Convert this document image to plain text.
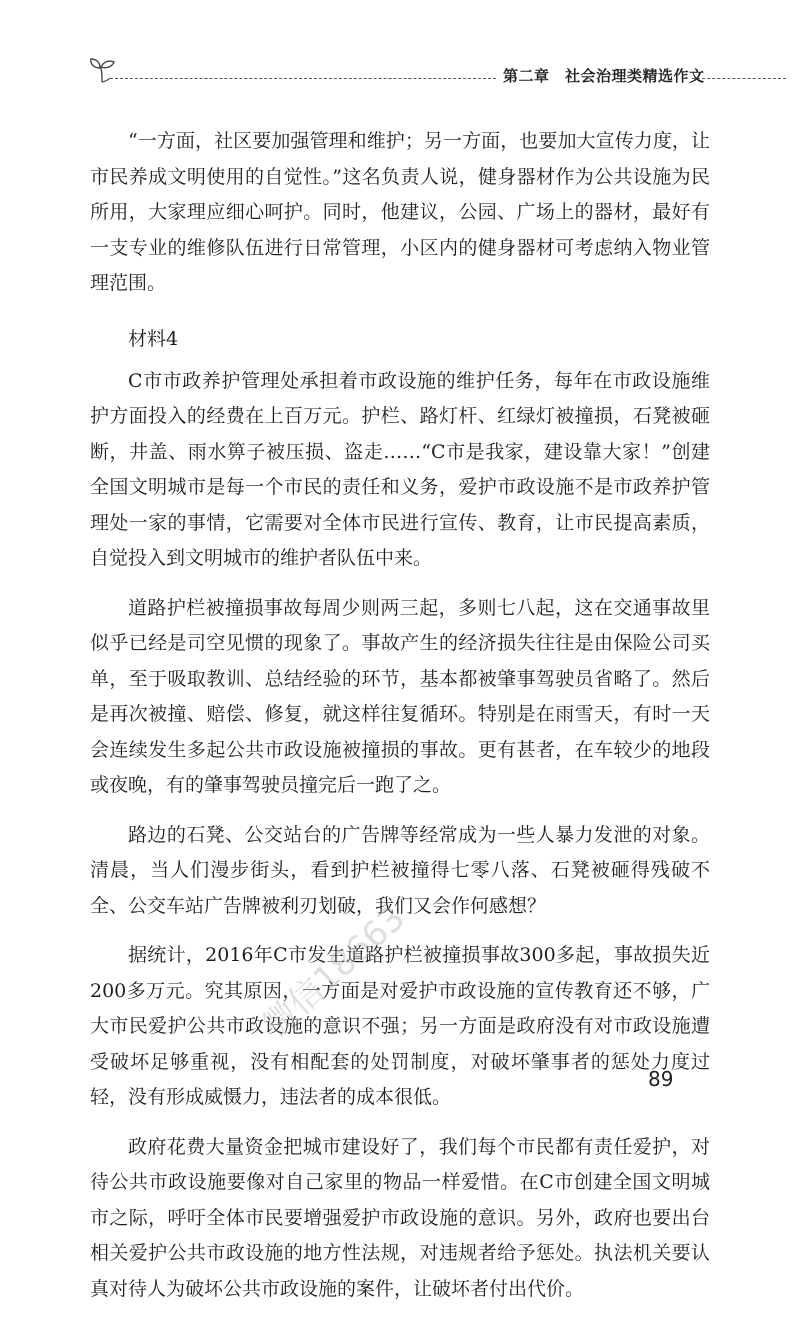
第二章　社会治理类精选作文

“一方面，社区要加强管理和维护；另一方面，也要加大宣传力度，让市民养成文明使用的自觉性。”这名负责人说，健身器材作为公共设施为民所用，大家理应细心呵护。同时，他建议，公园、广场上的器材，最好有一支专业的维修队伍进行日常管理，小区内的健身器材可考虑纳入物业管理范围。

材料4

C市市政养护管理处承担着市政设施的维护任务，每年在市政设施维护方面投入的经费在上百万元。护栏、路灯杆、红绿灯被撞损，石凳被砸断，井盖、雨水箅子被压损、盗走……“C市是我家，建设靠大家！”创建全国文明城市是每一个市民的责任和义务，爱护市政设施不是市政养护管理处一家的事情，它需要对全体市民进行宣传、教育，让市民提高素质，自觉投入到文明城市的维护者队伍中来。

道路护栏被撞损事故每周少则两三起，多则七八起，这在交通事故里似乎已经是司空见惯的现象了。事故产生的经济损失往往是由保险公司买单，至于吸取教训、总结经验的环节，基本都被肇事驾驶员省略了。然后是再次被撞、赔偿、修复，就这样往复循环。特别是在雨雪天，有时一天会连续发生多起公共市政设施被撞损的事故。更有甚者，在车较少的地段或夜晚，有的肇事驾驶员撞完后一跑了之。

路边的石凳、公交站台的广告牌等经常成为一些人暴力发泄的对象。清晨，当人们漫步街头，看到护栏被撞得七零八落、石凳被砸得残破不全、公交车站广告牌被利刃划破，我们又会作何感想？

据统计，2016年C市发生道路护栏被撞损事故300多起，事故损失近200多万元。究其原因，一方面是对爱护市政设施的宣传教育还不够，广大市民爱护公共市政设施的意识不强；另一方面是政府没有对市政设施遭受破坏足够重视，没有相配套的处罚制度，对破坏肇事者的惩处力度过轻，没有形成威慑力，违法者的成本很低。

政府花费大量资金把城市建设好了，我们每个市民都有责任爱护，对待公共市政设施要像对自己家里的物品一样爱惜。在C市创建全国文明城市之际，呼吁全体市民要增强爱护市政设施的意识。另外，政府也要出台相关爱护公共市政设施的地方性法规，对违规者给予惩处。执法机关要认真对待人为破坏公共市政设施的案件，让破坏者付出代价。

微信18663
89
